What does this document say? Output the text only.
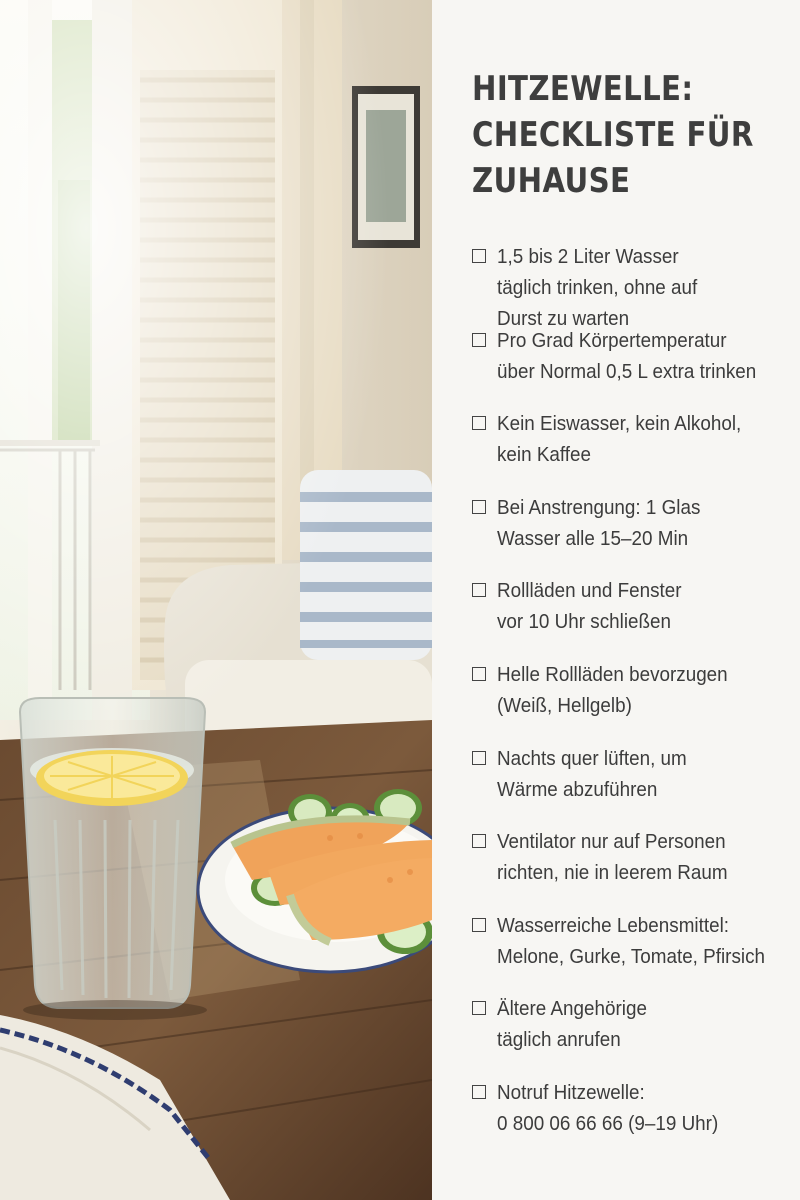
HITZEWELLE:
CHECKLISTE FÜR
ZUHAUSE
1,5 bis 2 Liter Wasser
täglich trinken, ohne auf
Durst zu warten
Pro Grad Körpertemperatur
über Normal 0,5 L extra trinken
Kein Eiswasser, kein Alkohol,
kein Kaffee
Bei Anstrengung: 1 Glas
Wasser alle 15–20 Min
Rollläden und Fenster
vor 10 Uhr schließen
Helle Rollläden bevorzugen
(Weiß, Hellgelb)
Nachts quer lüften, um
Wärme abzuführen
Ventilator nur auf Personen
richten, nie in leerem Raum
Wasserreiche Lebensmittel:
Melone, Gurke, Tomate, Pfirsich
Ältere Angehörige
täglich anrufen
Notruf Hitzewelle:
0 800 06 66 66 (9–19 Uhr)
